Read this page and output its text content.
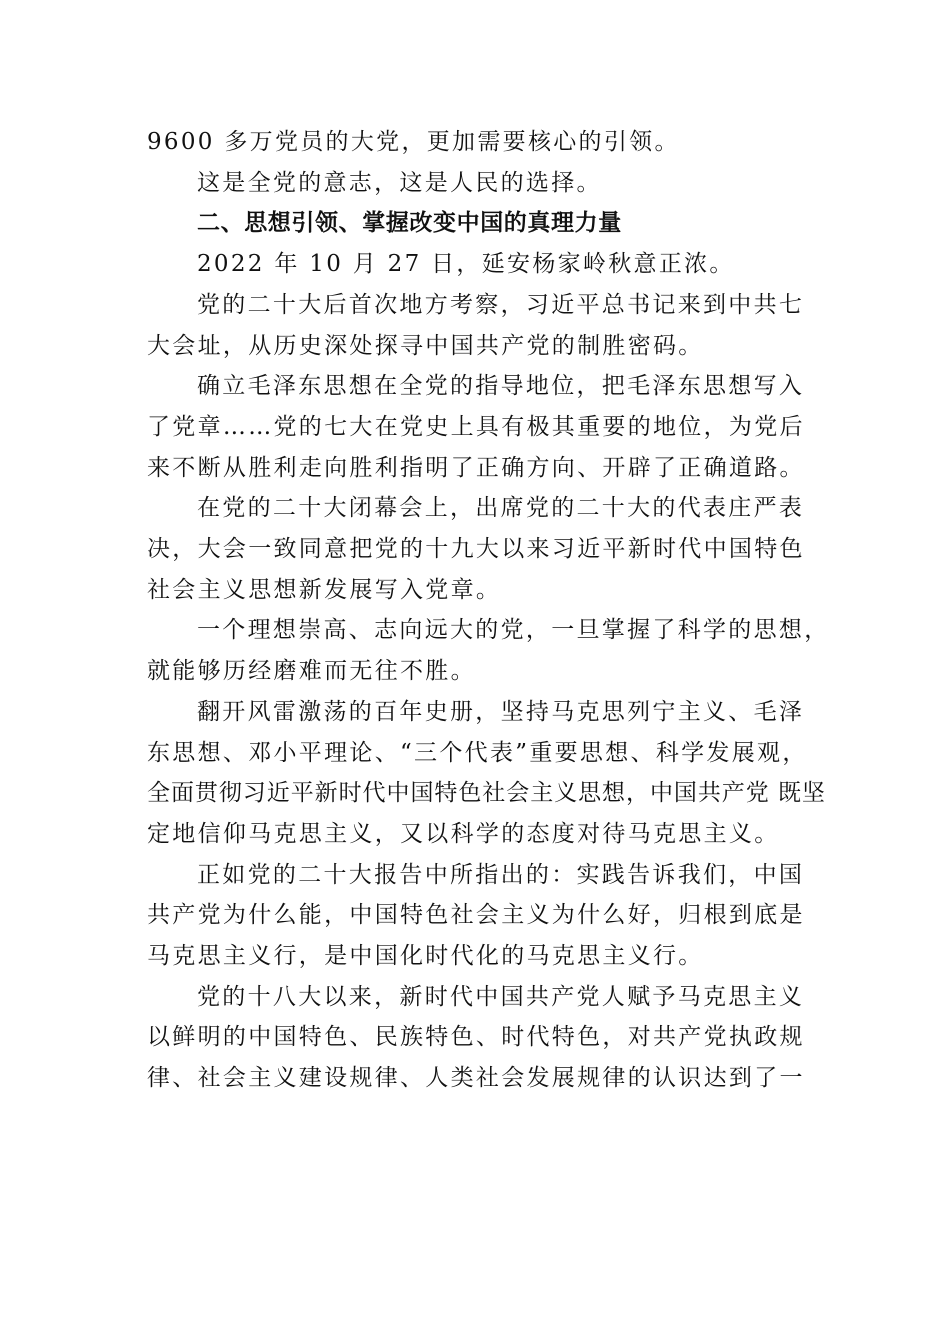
9600 多万党员的大党，更加需要核心的引领。
这是全党的意志，这是人民的选择。
二、思想引领、掌握改变中国的真理力量
2022 年 10 月 27 日，延安杨家岭秋意正浓。
党的二十大后首次地方考察，习近平总书记来到中共七
大会址，从历史深处探寻中国共产党的制胜密码。
确立毛泽东思想在全党的指导地位，把毛泽东思想写入
了党章……党的七大在党史上具有极其重要的地位，为党后
来不断从胜利走向胜利指明了正确方向、开辟了正确道路。
在党的二十大闭幕会上，出席党的二十大的代表庄严表
决，大会一致同意把党的十九大以来习近平新时代中国特色
社会主义思想新发展写入党章。
一个理想崇高、志向远大的党，一旦掌握了科学的思想，
就能够历经磨难而无往不胜。
翻开风雷激荡的百年史册，坚持马克思列宁主义、毛泽
东思想、邓小平理论、“三个代表”重要思想、科学发展观，
全面贯彻习近平新时代中国特色社会主义思想，中国共产党 既坚
定地信仰马克思主义，又以科学的态度对待马克思主义。
正如党的二十大报告中所指出的：实践告诉我们，中国
共产党为什么能，中国特色社会主义为什么好，归根到底是
马克思主义行，是中国化时代化的马克思主义行。
党的十八大以来，新时代中国共产党人赋予马克思主义
以鲜明的中国特色、民族特色、时代特色，对共产党执政规
律、社会主义建设规律、人类社会发展规律的认识达到了一
